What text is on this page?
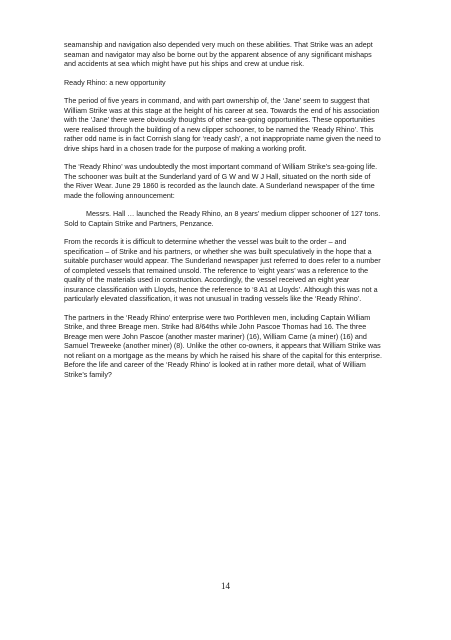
seamanship and navigation also depended very much on these abilities. That Strike was an adept seaman and navigator may also be borne out by the apparent absence of any significant mishaps and accidents at sea which might have put his ships and crew at undue risk.

Ready Rhino: a new opportunity

The period of five years in command, and with part ownership of, the ‘Jane’ seem to suggest that William Strike was at this stage at the height of his career at sea. Towards the end of his association with the ‘Jane’ there were obviously thoughts of other sea-going opportunities. These opportunities were realised through the building of a new clipper schooner, to be named the ‘Ready Rhino’. This rather odd name is in fact Cornish slang for ‘ready cash’, a not inappropriate name given the need to drive ships hard in a chosen trade for the purpose of making a working profit.

The ‘Ready Rhino’ was undoubtedly the most important command of William Strike’s sea-going life. The schooner was built at the Sunderland yard of G W and W J Hall, situated on the north side of the River Wear. June 29 1860 is recorded as the launch date. A Sunderland newspaper of the time made the following announcement:

Messrs. Hall … launched the Ready Rhino, an 8 years’ medium clipper schooner of 127 tons. Sold to Captain Strike and Partners, Penzance.

From the records it is difficult to determine whether the vessel was built to the order – and specification – of Strike and his partners, or whether she was built speculatively in the hope that a suitable purchaser would appear. The Sunderland newspaper just referred to does refer to a number of completed vessels that remained unsold. The reference to ‘eight years’ was a reference to the quality of the materials used in construction. Accordingly, the vessel received an eight year insurance classification with Lloyds, hence the reference to ‘8 A1 at Lloyds’. Although this was not a particularly elevated classification, it was not unusual in trading vessels like the ‘Ready Rhino’.

The partners in the ‘Ready Rhino’ enterprise were two Porthleven men, including Captain William Strike, and three Breage men. Strike had 8/64ths while John Pascoe Thomas had 16. The three Breage men were John Pascoe (another master mariner) (16), William Carne (a miner) (16) and Samuel Treweeke (another miner) (8). Unlike the other co-owners, it appears that William Strike was not reliant on a mortgage as the means by which he raised his share of the capital for this enterprise. Before the life and career of the ‘Ready Rhino’ is looked at in rather more detail, what of William Strike’s family?

14
